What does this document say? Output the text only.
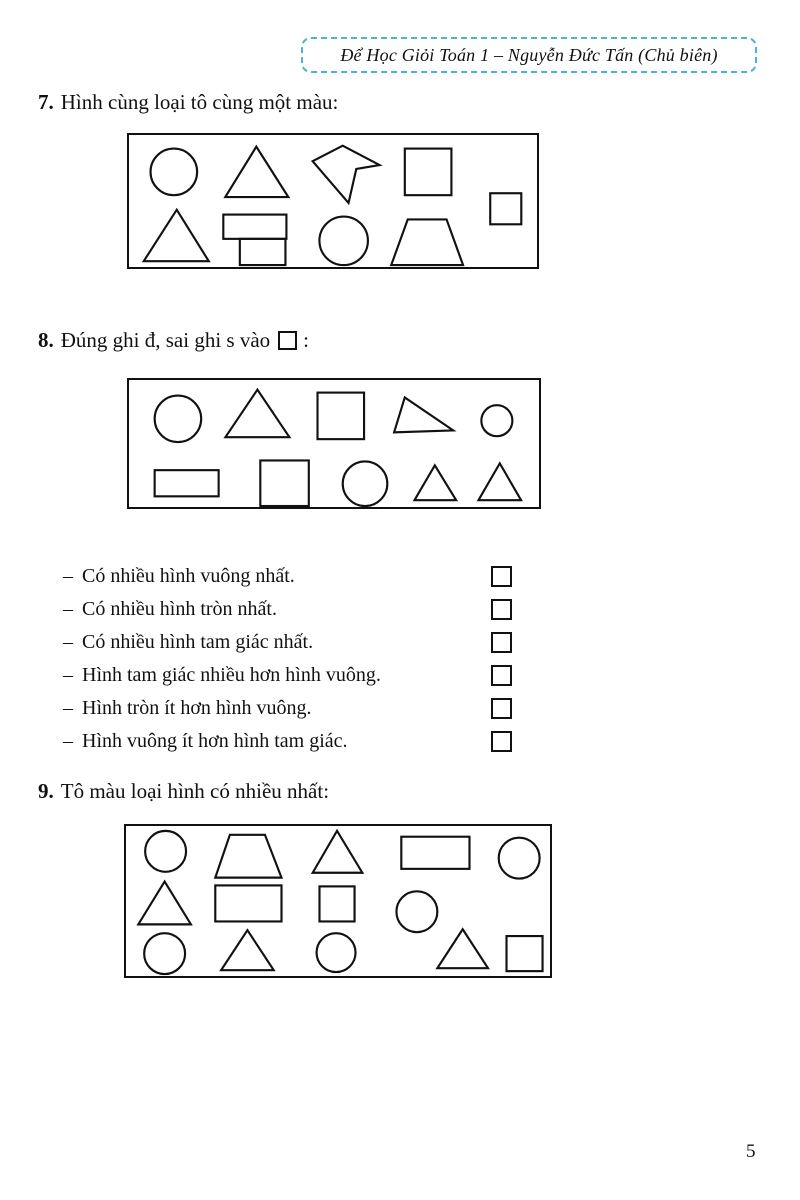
Để Học Giỏi Toán 1 – Nguyễn Đức Tấn (Chủ biên)
7. Hình cùng loại tô cùng một màu:
8. Đúng ghi đ, sai ghi s vào :
– Có nhiều hình vuông nhất.
– Có nhiều hình tròn nhất.
– Có nhiều hình tam giác nhất.
– Hình tam giác nhiều hơn hình vuông.
– Hình tròn ít hơn hình vuông.
– Hình vuông ít hơn hình tam giác.
9. Tô màu loại hình có nhiều nhất:
5
